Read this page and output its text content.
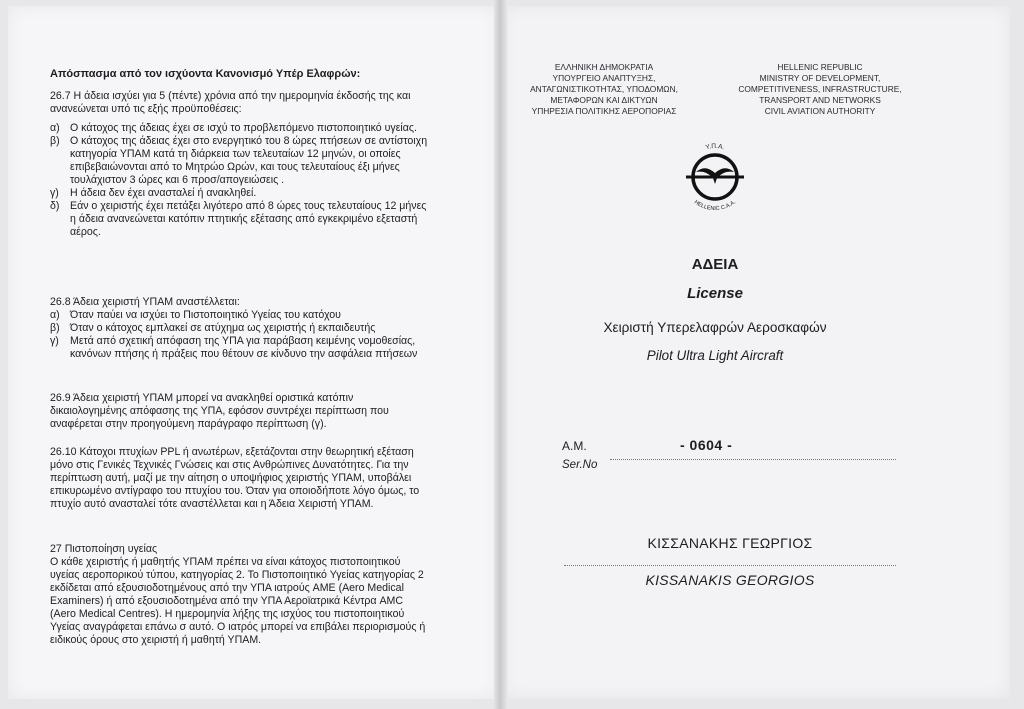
Απόσπασμα από τον ισχύοντα Κανονισμό Υπέρ Ελαφρών:

26.7 Η άδεια ισχύει για 5 (πέντε) χρόνια από την ημερομηνία έκδοσής της και ανανεώνεται υπό τις εξής προϋποθέσεις:

α) Ο κάτοχος της άδειας έχει σε ισχύ το προβλεπόμενο πιστοποιητικό υγείας.
β) Ο κάτοχος της άδειας έχει στο ενεργητικό του 8 ώρες πτήσεων σε αντίστοιχη κατηγορία ΥΠΑΜ κατά τη διάρκεια των τελευταίων 12 μηνών, οι οποίες επιβεβαιώνονται από το Μητρώο Ωρών, και τους τελευταίους έξι μήνες τουλάχιστον 3 ώρες και 6 προσ/απογειώσεις .
γ)	Η άδεια δεν έχει ανασταλεί ή ανακληθεί.
δ) Εάν ο χειριστής έχει πετάξει λιγότερο από 8 ώρες τους τελευταίους 12 μήνες η άδεια ανανεώνεται κατόπιν πτητικής εξέτασης από εγκεκριμένο εξεταστή αέρος.

26.8 Άδεια χειριστή ΥΠΑΜ αναστέλλεται:

α) Όταν παύει να ισχύει το Πιστοποιητικό Υγείας του κατόχου
β) Όταν ο κάτοχος εμπλακεί σε ατύχημα ως χειριστής ή εκπαιδευτής
γ)	Μετά από σχετική απόφαση της ΥΠΑ για παράβαση κειμένης νομοθεσίας, κανόνων πτήσης ή πράξεις που θέτουν σε κίνδυνο την ασφάλεια πτήσεων

26.9 Άδεια χειριστή ΥΠΑΜ μπορεί να ανακληθεί οριστικά κατόπιν δικαιολογημένης απόφασης της ΥΠΑ, εφόσον συντρέχει περίπτωση που αναφέρεται στην προηγούμενη παράγραφο περίπτωση (γ).

26.10 Κάτοχοι πτυχίων PPL ή ανωτέρων, εξετάζονται στην θεωρητική εξέταση μόνο στις Γενικές Τεχνικές Γνώσεις και στις Ανθρώπινες Δυνατότητες. Για την περίπτωση αυτή, μαζί με την αίτηση ο υποψήφιος χειριστής ΥΠΑΜ, υποβάλει επικυρωμένο αντίγραφο του πτυχίου του. Όταν για οποιοδήποτε λόγο όμως, το πτυχίο αυτό ανασταλεί τότε αναστέλλεται και η Άδεια Χειριστή ΥΠΑΜ.

27 Πιστοποίηση υγείας

Ο κάθε χειριστής ή μαθητής ΥΠΑΜ πρέπει να είναι κάτοχος πιστοποιητικού υγείας αεροπορικού τύπου, κατηγορίας 2. Το Πιστοποιητικό Υγείας κατηγορίας 2 εκδίδεται από εξουσιοδοτημένους από την ΥΠΑ ιατρούς AME (Aero Medical Examiners) ή από εξουσιοδοτημένα από την ΥΠΑ Αεροϊατρικά Κέντρα AMC (Aero Medical Centres). Η ημερομηνία λήξης της ισχύος του πιστοποιητικού Υγείας αναγράφεται επάνω σ αυτό. Ο ιατρός μπορεί να επιβάλει περιορισμούς ή ειδικούς όρους στο χειριστή ή μαθητή ΥΠΑΜ.

ΕΛΛΗΝΙΚΗ ΔΗΜΟΚΡΑΤΙΑ
ΥΠΟΥΡΓΕΙΟ ΑΝΑΠΤΥΞΗΣ,
ΑΝΤΑΓΩΝΙΣΤΙΚΟΤΗΤΑΣ, ΥΠΟΔΟΜΩΝ,
ΜΕΤΑΦΟΡΩΝ ΚΑΙ ΔΙΚΤΥΩΝ
ΥΠΗΡΕΣΙΑ ΠΟΛΙΤΙΚΗΣ ΑΕΡΟΠΟΡΙΑΣ
HELLENIC REPUBLIC
MINISTRY OF DEVELOPMENT,
COMPETITIVENESS, INFRASTRUCTURE,
TRANSPORT AND NETWORKS
CIVIL AVIATION AUTHORITY
Υ.Π.Α.
HELLENIC C.A.A.
ΑΔΕΙΑ
License
Χειριστή Υπερελαφρών Αεροσκαφών
Pilot Ultra Light Aircraft
Α.Μ.
Ser.No
- 0604 -
ΚΙΣΣΑΝΑΚΗΣ ΓΕΩΡΓΙΟΣ
KISSANAKIS GEORGIOS
